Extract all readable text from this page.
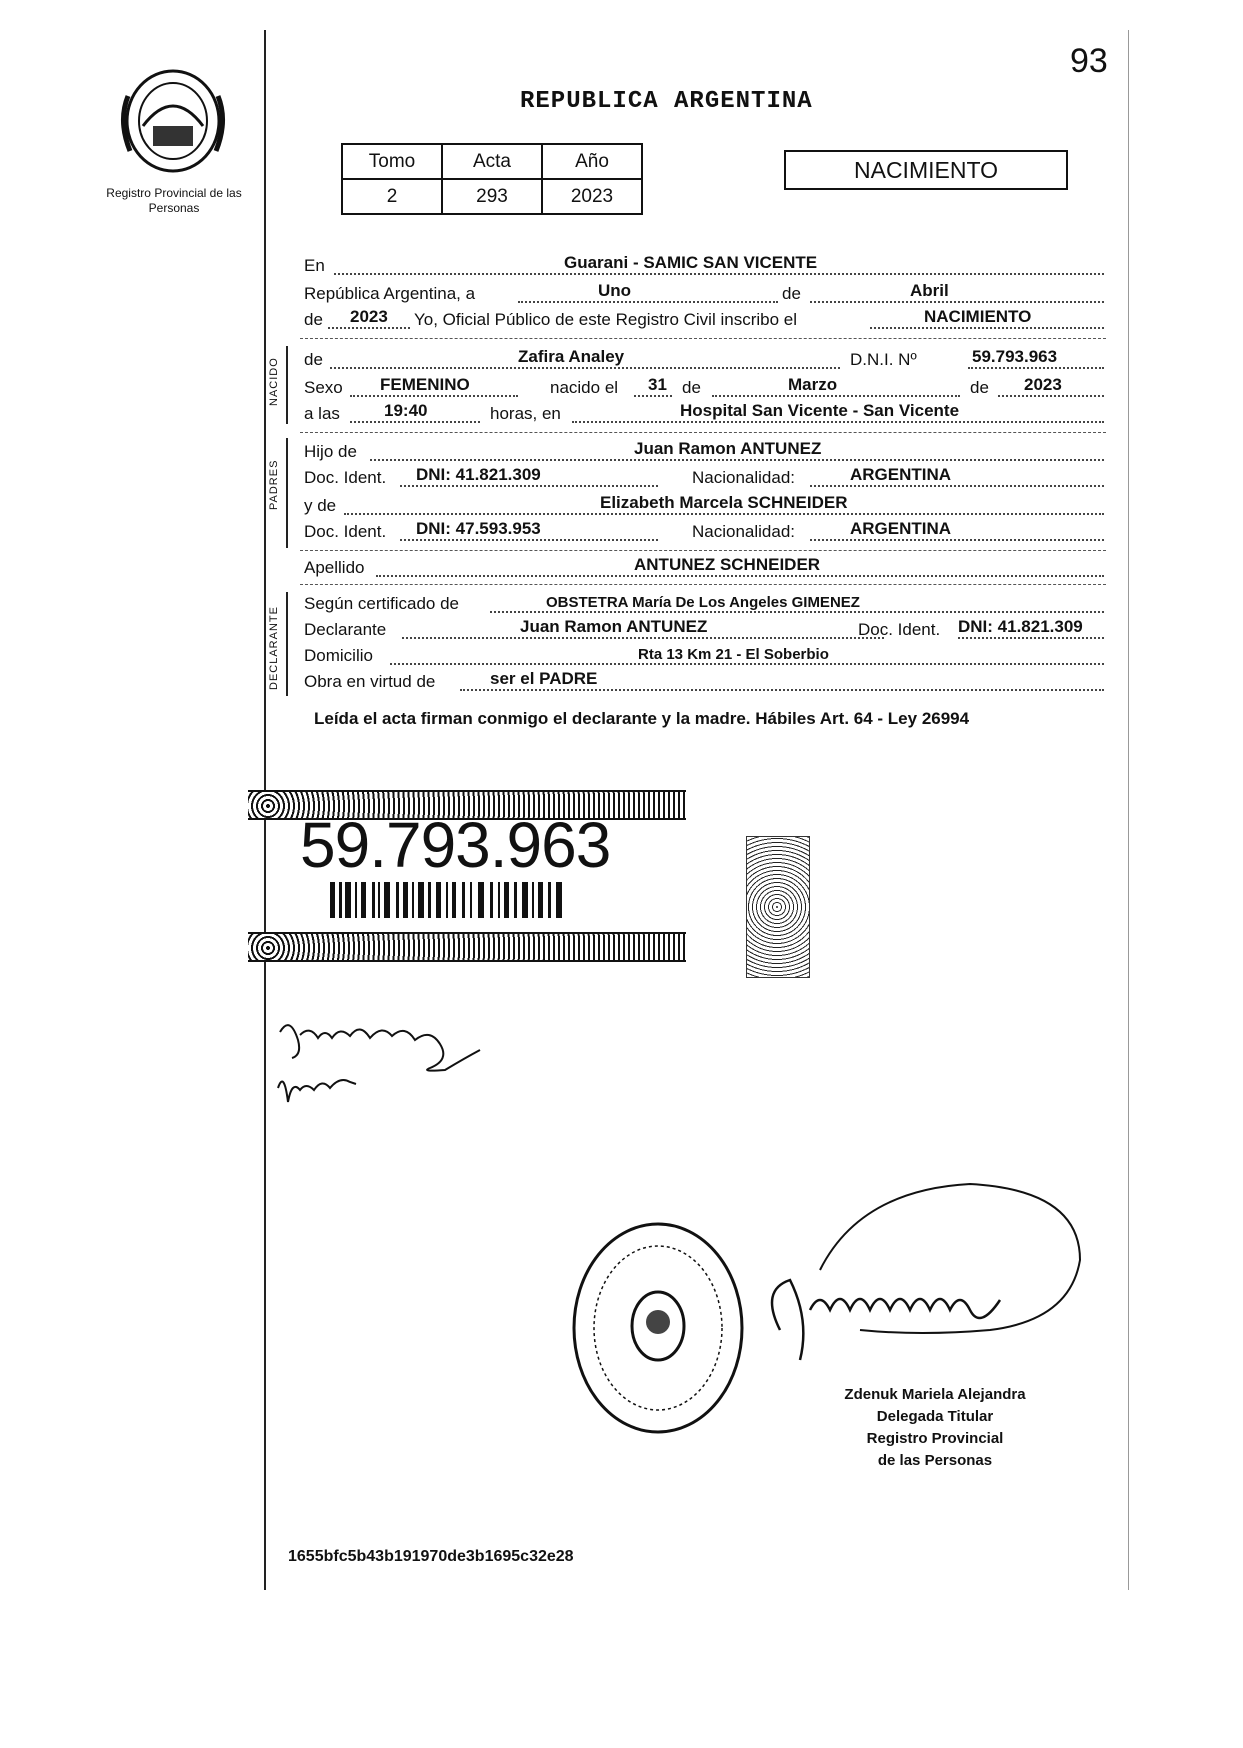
93
Registro Provincial de las Personas
REPUBLICA ARGENTINA
Tomo	Acta	Año
2	293	2023
NACIMIENTO
En	Guarani - SAMIC SAN VICENTE
República Argentina, a	Uno	de	Abril
de 2023 Yo, Oficial Público de este Registro Civil inscribo el	NACIMIENTO
NACIDO de	Zafira Analey	D.N.I. Nº	59.793.963
Sexo FEMENINO	nacido el 31 de	Marzo	de 2023
a las	19:40	horas, en	Hospital San Vicente - San Vicente
PADRES
Hijo de	Juan Ramon ANTUNEZ
Doc. Ident. DNI: 41.821.309	Nacionalidad:	ARGENTINA
y de	Elizabeth Marcela SCHNEIDER
Doc. Ident. DNI: 47.593.953	Nacionalidad:	ARGENTINA
Apellido	ANTUNEZ SCHNEIDER
DECLARANTE
Según certificado de	OBSTETRA María De Los Angeles GIMENEZ
Declarante	Juan Ramon ANTUNEZ	Doc. Ident. DNI: 41.821.309
Domicilio	Rta 13 Km 21 - El Soberbio
Obra en virtud de	ser el PADRE
Leída el acta firman conmigo el declarante y la madre. Hábiles Art. 64 - Ley 26994
59.793.963
Zdenuk Mariela Alejandra
Delegada Titular
Registro Provincial
de las Personas
1655bfc5b43b191970de3b1695c32e28
